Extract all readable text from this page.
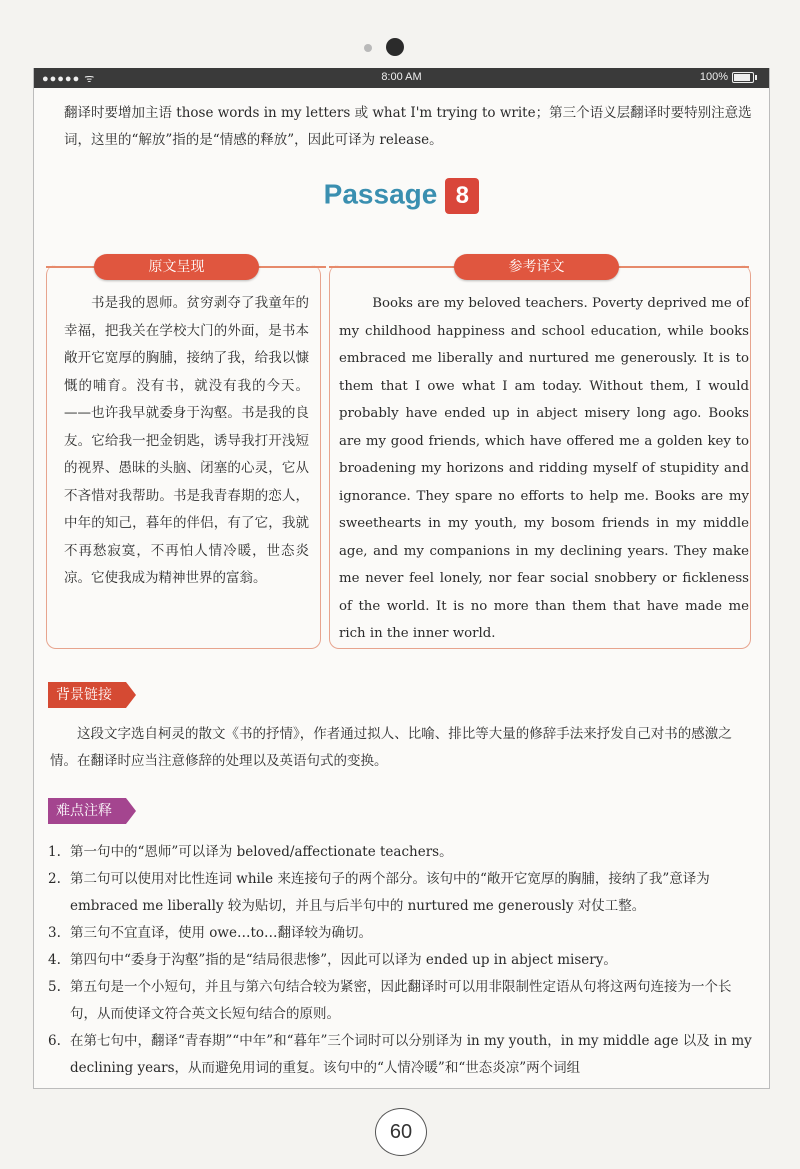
●●●●● ᯤ	8:00 AM	100%
翻译时要增加主语 those words in my letters 或 what I'm trying to write；第三个语义层翻译时要特别注意选词，这里的“解放”指的是“情感的释放”，因此可译为 release。
Passage 8
原文呈现	参考译文
书是我的恩师。贫穷剥夺了我童年的幸福，把我关在学校大门的外面，是书本敞开它宽厚的胸脯，接纳了我，给我以慷慨的哺育。没有书，就没有我的今天。——也许我早就委身于沟壑。书是我的良友。它给我一把金钥匙，诱导我打开浅短的视界、愚昧的头脑、闭塞的心灵，它从不吝惜对我帮助。书是我青春期的恋人，中年的知己，暮年的伴侣，有了它，我就不再愁寂寞，不再怕人情冷暖，世态炎凉。它使我成为精神世界的富翁。
Books are my beloved teachers. Poverty deprived me of my childhood happiness and school education, while books embraced me liberally and nurtured me generously. It is to them that I owe what I am today. Without them, I would probably have ended up in abject misery long ago. Books are my good friends, which have offered me a golden key to broadening my horizons and ridding myself of stupidity and ignorance. They spare no efforts to help me. Books are my sweethearts in my youth, my bosom friends in my middle age, and my companions in my declining years. They make me never feel lonely, nor fear social snobbery or fickleness of the world. It is no more than them that have made me rich in the inner world.
背景链接
这段文字选自柯灵的散文《书的抒情》，作者通过拟人、比喻、排比等大量的修辞手法来抒发自己对书的感激之情。在翻译时应当注意修辞的处理以及英语句式的变换。
难点注释
1. 第一句中的“恩师”可以译为 beloved/affectionate teachers。
2. 第二句可以使用对比性连词 while 来连接句子的两个部分。该句中的“敞开它宽厚的胸脯，接纳了我”意译为 embraced me liberally 较为贴切，并且与后半句中的 nurtured me generously 对仗工整。
3. 第三句不宜直译，使用 owe…to…翻译较为确切。
4. 第四句中“委身于沟壑”指的是“结局很悲惨”，因此可以译为 ended up in abject misery。
5. 第五句是一个小短句，并且与第六句结合较为紧密，因此翻译时可以用非限制性定语从句将这两句连接为一个长句，从而使译文符合英文长短句结合的原则。
6. 在第七句中，翻译“青春期”“中年”和“暮年”三个词时可以分别译为 in my youth，in my middle age 以及 in my declining years，从而避免用词的重复。该句中的“人情冷暖”和“世态炎凉”两个词组
60
